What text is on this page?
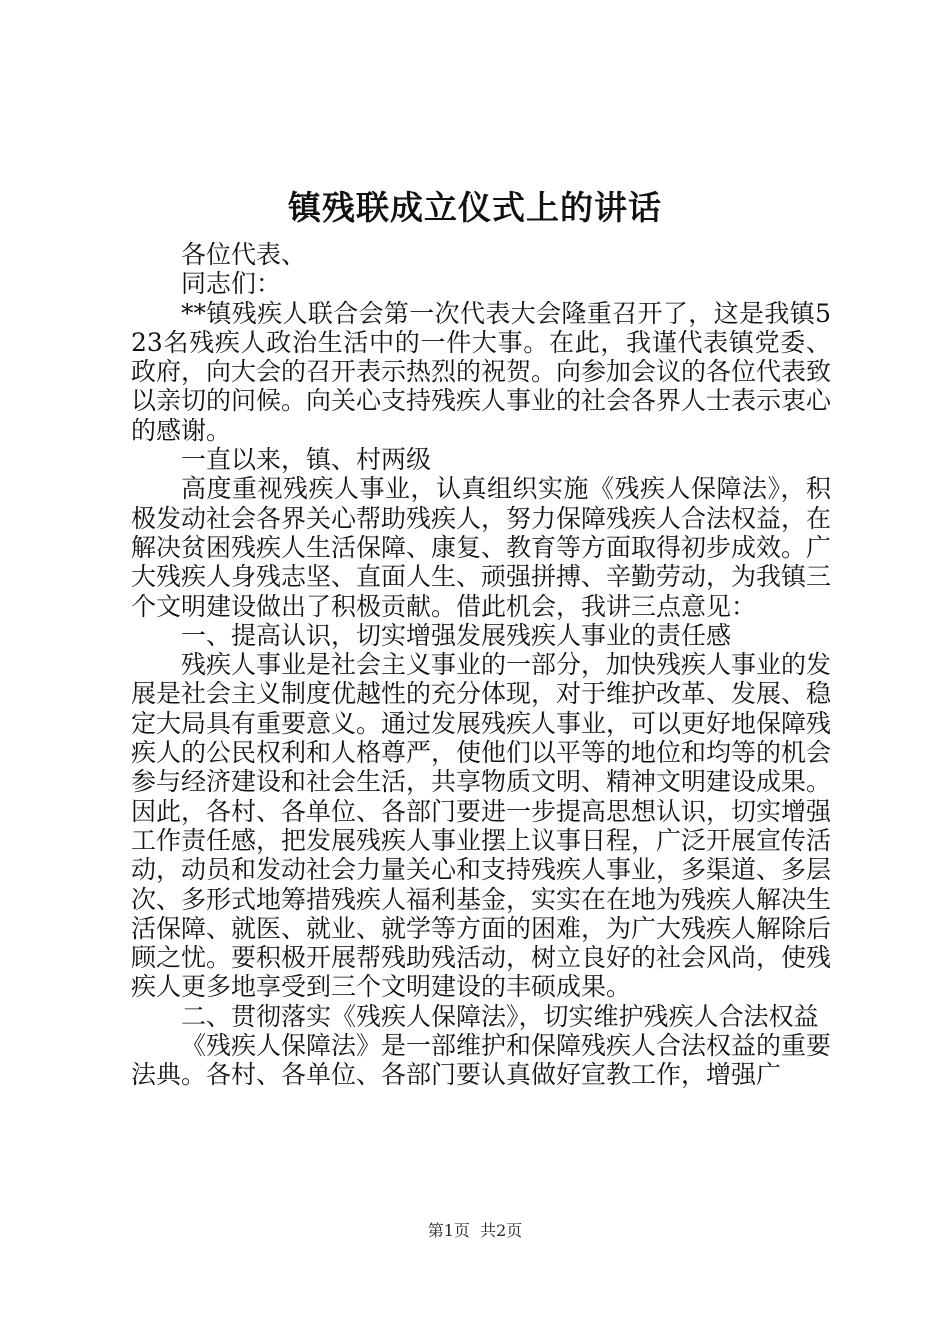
镇残联成立仪式上的讲话

各位代表、

同志们：

**镇残疾人联合会第一次代表大会隆重召开了，这是我镇523名残疾人政治生活中的一件大事。在此，我谨代表镇党委、政府，向大会的召开表示热烈的祝贺。向参加会议的各位代表致以亲切的问候。向关心支持残疾人事业的社会各界人士表示衷心的感谢。

一直以来，镇、村两级

高度重视残疾人事业，认真组织实施《残疾人保障法》，积极发动社会各界关心帮助残疾人，努力保障残疾人合法权益，在解决贫困残疾人生活保障、康复、教育等方面取得初步成效。广大残疾人身残志坚、直面人生、顽强拼搏、辛勤劳动，为我镇三个文明建设做出了积极贡献。借此机会，我讲三点意见：

一、提高认识，切实增强发展残疾人事业的责任感

残疾人事业是社会主义事业的一部分，加快残疾人事业的发展是社会主义制度优越性的充分体现，对于维护改革、发展、稳定大局具有重要意义。通过发展残疾人事业，可以更好地保障残疾人的公民权利和人格尊严，使他们以平等的地位和均等的机会参与经济建设和社会生活，共享物质文明、精神文明建设成果。因此，各村、各单位、各部门要进一步提高思想认识，切实增强工作责任感，把发展残疾人事业摆上议事日程，广泛开展宣传活动，动员和发动社会力量关心和支持残疾人事业，多渠道、多层次、多形式地筹措残疾人福利基金，实实在在地为残疾人解决生活保障、就医、就业、就学等方面的困难，为广大残疾人解除后顾之忧。要积极开展帮残助残活动，树立良好的社会风尚，使残疾人更多地享受到三个文明建设的丰硕成果。

二、贯彻落实《残疾人保障法》，切实维护残疾人合法权益

《残疾人保障法》是一部维护和保障残疾人合法权益的重要法典。各村、各单位、各部门要认真做好宣教工作，增强广

第1页 共2页
